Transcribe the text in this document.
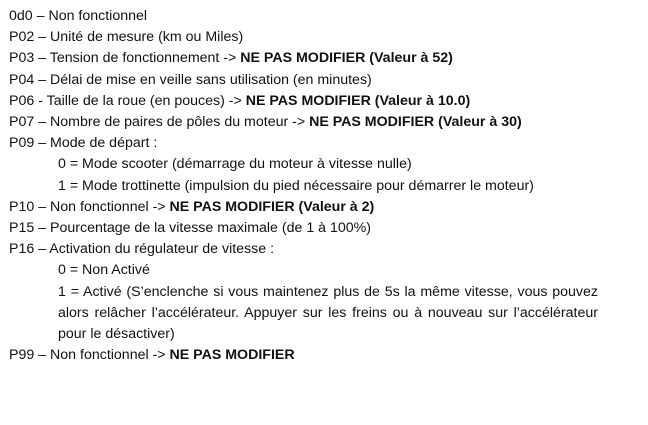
0d0 – Non fonctionnel
P02 – Unité de mesure (km ou Miles)
P03 – Tension de fonctionnement -> NE PAS MODIFIER (Valeur à 52)
P04 – Délai de mise en veille sans utilisation (en minutes)
P06 - Taille de la roue (en pouces) -> NE PAS MODIFIER (Valeur à 10.0)
P07 – Nombre de paires de pôles du moteur -> NE PAS MODIFIER (Valeur à 30)
P09 – Mode de départ :
0 = Mode scooter (démarrage du moteur à vitesse nulle)
1 = Mode trottinette (impulsion du pied nécessaire pour démarrer le moteur)
P10 – Non fonctionnel -> NE PAS MODIFIER (Valeur à 2)
P15 – Pourcentage de la vitesse maximale (de 1 à 100%)
P16 – Activation du régulateur de vitesse :
0 = Non Activé
1 = Activé (S’enclenche si vous maintenez plus de 5s la même vitesse, vous pouvez alors relâcher l’accélérateur. Appuyer sur les freins ou à nouveau sur l’accélérateur pour le désactiver)
P99 – Non fonctionnel -> NE PAS MODIFIER
